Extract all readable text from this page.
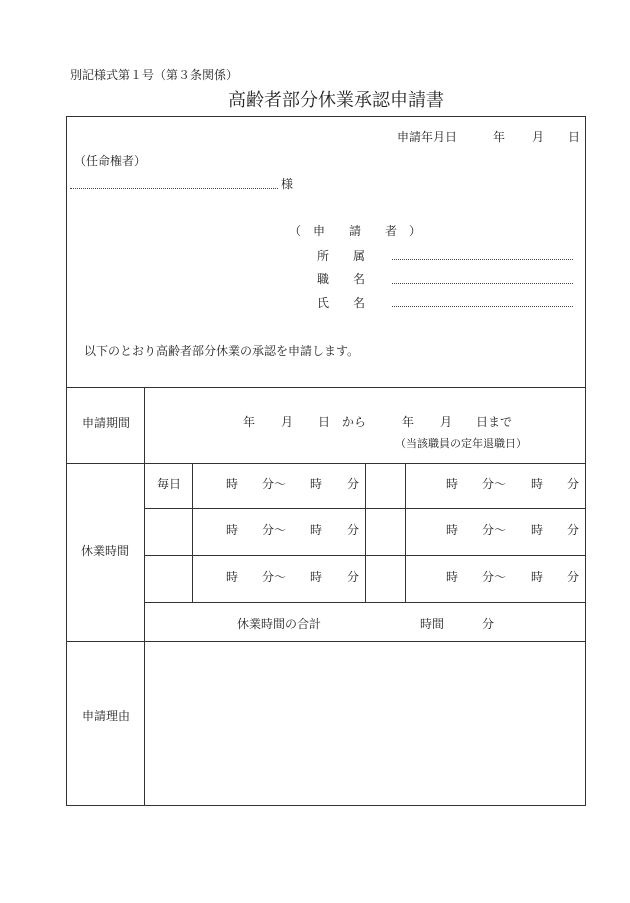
別記様式第１号（第３条関係）
高齢者部分休業承認申請書
申請年月日	年 月 日
（任命権者）
様
（　申　　請　　者　）
所　　属
職　　名
氏　　名
以下のとおり高齢者部分休業の承認を申請します。
申請期間	年 月 日 から	年 月 日まで
（当該職員の定年退職日）
休業時間
毎日	時 分～ 時 分	時 分～ 時 分
時 分～ 時 分	時 分～ 時 分
時 分～ 時 分	時 分～ 時 分
休業時間の合計	時間	分
申請理由
